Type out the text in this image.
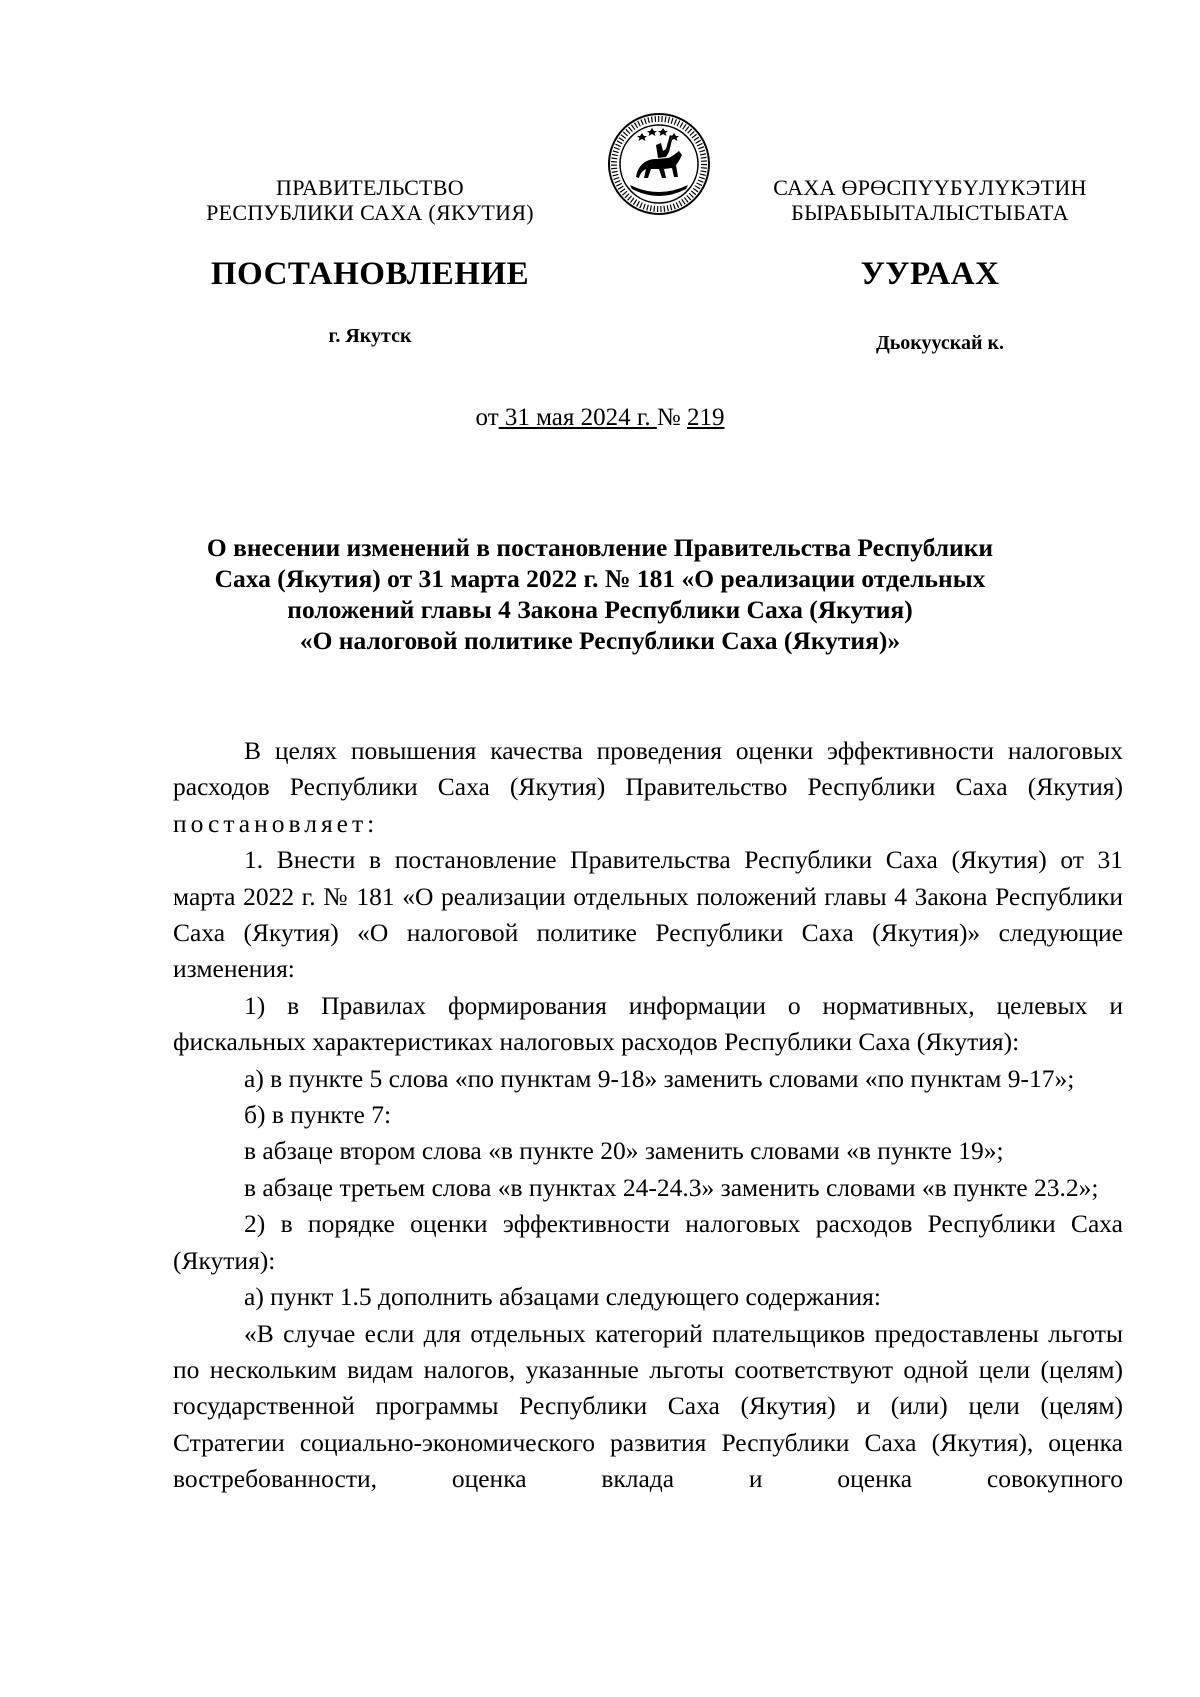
ПРАВИТЕЛЬСТВО
РЕСПУБЛИКИ САХА (ЯКУТИЯ)
САХА ӨРӨСПҮҮБҮЛҮКЭТИН
БЫРАБЫЫТАЛЫСТЫБАТА
ПОСТАНОВЛЕНИЕ	УУРААХ
г. Якутск	Дьокуускай к.
от 31 мая 2024 г. № 219
О внесении изменений в постановление Правительства Республики
Саха (Якутия) от 31 марта 2022 г. № 181 «О реализации отдельных
положений главы 4 Закона Республики Саха (Якутия)
«О налоговой политике Республики Саха (Якутия)»

В целях повышения качества проведения оценки эффективности налоговых расходов Республики Саха (Якутия) Правительство Республики Саха (Якутия) постановляет:

1. Внести в постановление Правительства Республики Саха (Якутия) от 31 марта 2022 г. № 181 «О реализации отдельных положений главы 4 Закона Республики Саха (Якутия) «О налоговой политике Республики Саха (Якутия)» следующие изменения:

1) в Правилах формирования информации о нормативных, целевых и фискальных характеристиках налоговых расходов Республики Саха (Якутия):

а) в пункте 5 слова «по пунктам 9-18» заменить словами «по пунктам 9-17»;

б) в пункте 7:

в абзаце втором слова «в пункте 20» заменить словами «в пункте 19»;

в абзаце третьем слова «в пунктах 24-24.3» заменить словами «в пункте 23.2»;

2) в порядке оценки эффективности налоговых расходов Республики Саха (Якутия):

а) пункт 1.5 дополнить абзацами следующего содержания:

«В случае если для отдельных категорий плательщиков предоставлены льготы по нескольким видам налогов, указанные льготы соответствуют одной цели (целям) государственной программы Республики Саха (Якутия) и (или) цели (целям) Стратегии социально-экономического развития Республики Саха (Якутия), оценка востребованности, оценка вклада и оценка совокупного
